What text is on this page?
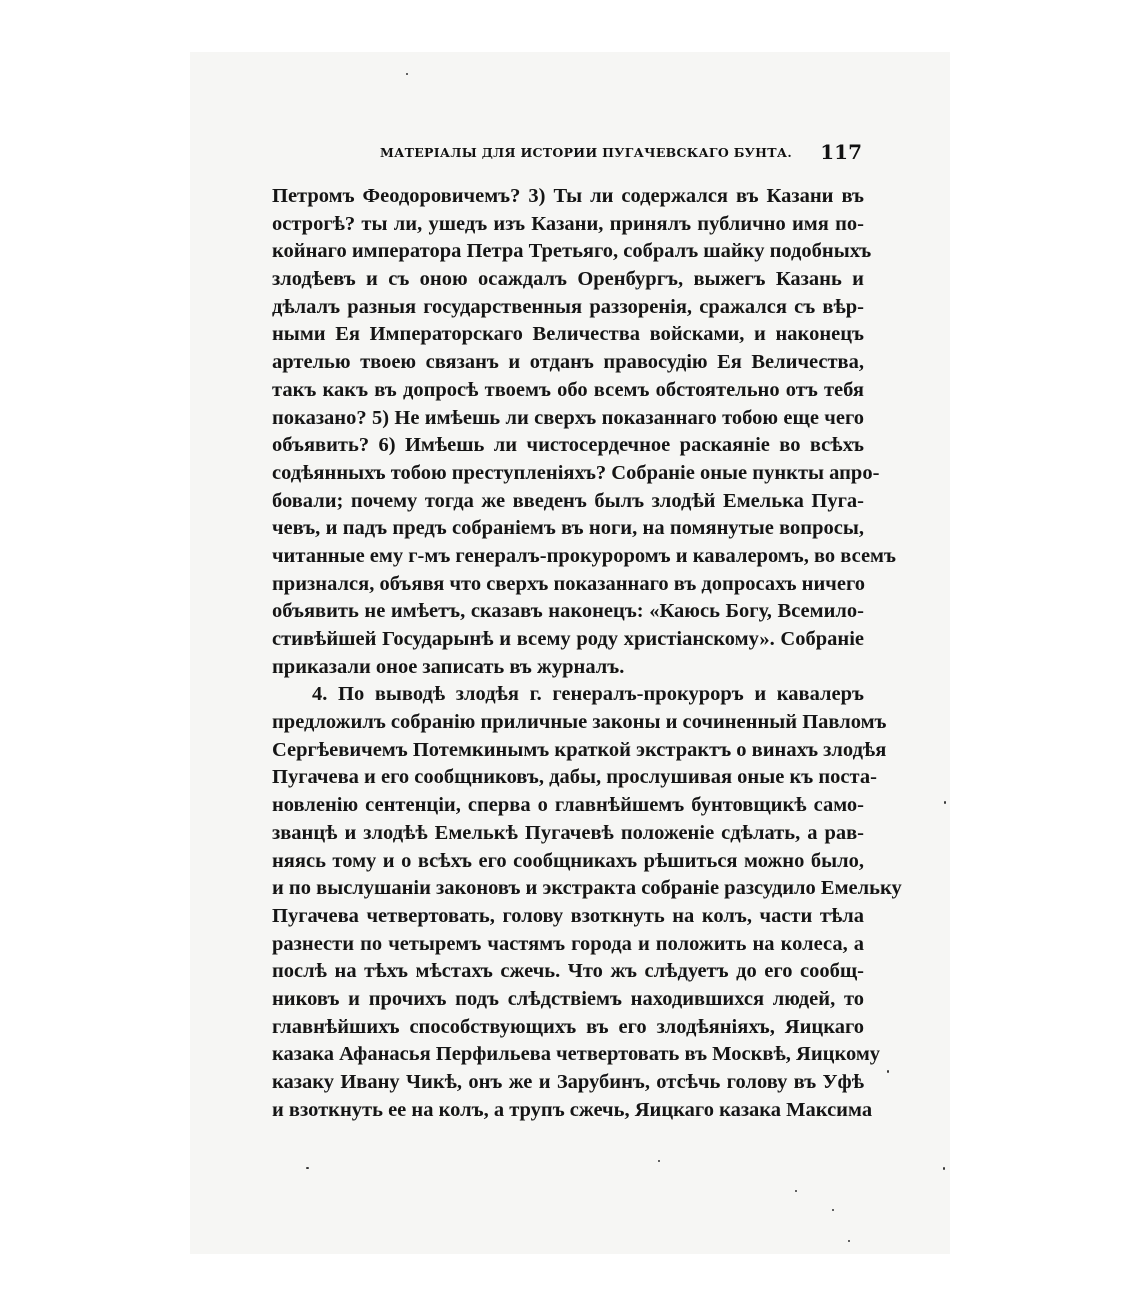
МАТЕРІАЛЫ ДЛЯ ИСТОРИИ ПУГАЧЕВСКАГО БУНТА. 117
Петромъ Феодоровичемъ? 3) Ты ли содержался въ Казани въ
острогѣ? ты ли, ушедъ изъ Казани, принялъ публично имя по-
койнаго императора Петра Третьяго, собралъ шайку подобныхъ
злодѣевъ и съ оною осаждалъ Оренбургъ, выжегъ Казань и
дѣлалъ разныя государственныя раззоренія, сражался съ вѣр-
ными Ея Императорскаго Величества войсками, и наконецъ
артелью твоею связанъ и отданъ правосудію Ея Величества,
такъ какъ въ допросѣ твоемъ обо всемъ обстоятельно отъ тебя
показано? 5) Не имѣешь ли сверхъ показаннаго тобою еще чего
объявить? 6) Имѣешь ли чистосердечное раскаяніе во всѣхъ
содѣянныхъ тобою преступленіяхъ? Собраніе оные пункты апро-
бовали; почему тогда же введенъ былъ злодѣй Емелька Пуга-
чевъ, и падъ предъ собраніемъ въ ноги, на помянутые вопросы,
читанные ему г-мъ генералъ-прокуроромъ и кавалеромъ, во всемъ
признался, объявя что сверхъ показаннаго въ допросахъ ничего
объявить не имѣетъ, сказавъ наконецъ: «Каюсь Богу, Всемило-
стивѣйшей Государынѣ и всему роду христіанскому». Собраніе
приказали оное записать въ журналъ.
4. По выводѣ злодѣя г. генералъ-прокуроръ и кавалеръ
предложилъ собранію приличные законы и сочиненный Павломъ
Сергѣевичемъ Потемкинымъ краткой экстрактъ о винахъ злодѣя
Пугачева и его сообщниковъ, дабы, прослушивая оные къ поста-
новленію сентенціи, сперва о главнѣйшемъ бунтовщикѣ само-
званцѣ и злодѣѣ Емелькѣ Пугачевѣ положеніе сдѣлать, а рав-
няясь тому и о всѣхъ его сообщникахъ рѣшиться можно было,
и по выслушаніи законовъ и экстракта собраніе разсудило Емельку
Пугачева четвертовать, голову взоткнуть на колъ, части тѣла
разнести по четыремъ частямъ города и положить на колеса, а
послѣ на тѣхъ мѣстахъ сжечь. Что жъ слѣдуетъ до его сообщ-
никовъ и прочихъ подъ слѣдствіемъ находившихся людей, то
главнѣйшихъ способствующихъ въ его злодѣяніяхъ, Яицкаго
казака Афанасья Перфильева четвертовать въ Москвѣ, Яицкому
казаку Ивану Чикѣ, онъ же и Зарубинъ, отсѣчь голову въ Уфѣ
и взоткнуть ее на колъ, а трупъ сжечь, Яицкаго казака Максима
